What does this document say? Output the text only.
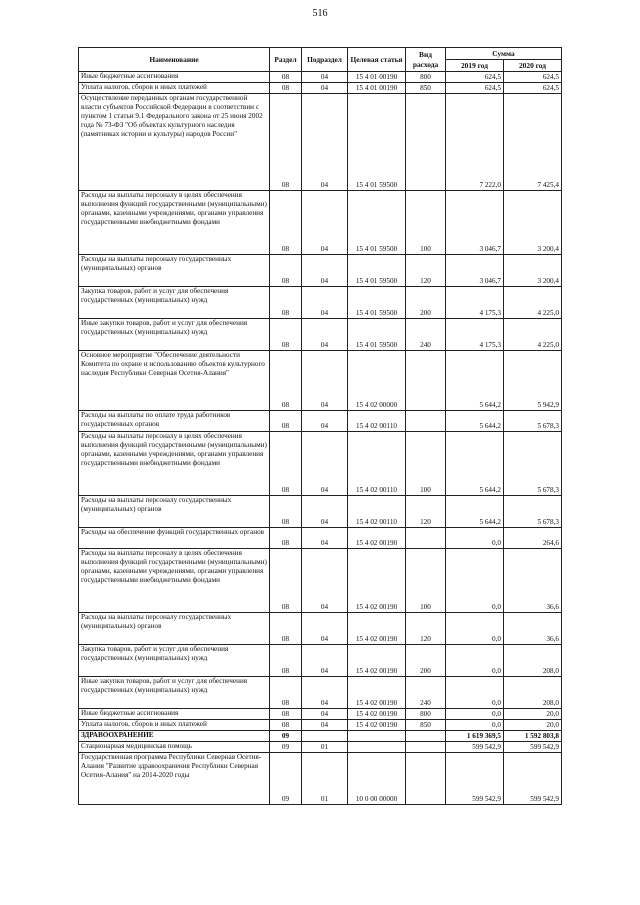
516
Наименование	Раздел	Подраздел	Целевая статья	Вид расхода	Сумма	
					2019 год	2020 год
Иные бюджетные ассигнования	08	04	15 4 01 00190	800	624,5	624,5
Уплата налогов, сборов и иных платежей	08	04	15 4 01 00190	850	624,5	624,5
Осуществление переданных органам государственной власти субъектов Российской Федерации в соответствии с пунктом 1 статьи 9.1 Федерального закона от 25 июня 2002 года № 73-ФЗ "Об объектах культурного наследия (памятниках истории и культуры) народов России"	08	04	15 4 01 59500		7 222,0	7 425,4
Расходы на выплаты персоналу в целях обеспечения выполнения функций государственными (муниципальными) органами, казенными учреждениями, органами управления государственными внебюджетными фондами	08	04	15 4 01 59500	100	3 046,7	3 200,4
Расходы на выплаты персоналу государственных (муниципальных) органов	08	04	15 4 01 59500	120	3 046,7	3 200,4
Закупка товаров, работ и услуг для обеспечения государственных (муниципальных) нужд	08	04	15 4 01 59500	200	4 175,3	4 225,0
Иные закупки товаров, работ и услуг для обеспечения государственных (муниципальных) нужд	08	04	15 4 01 59500	240	4 175,3	4 225,0
Основное мероприятие "Обеспечение деятельности Комитета по охране и использованию объектов культурного наследия Республики Северная Осетия-Алания"	08	04	15 4 02 00000		5 644,2	5 942,9
Расходы на выплаты по оплате труда работников государственных органов	08	04	15 4 02 00110		5 644,2	5 678,3
Расходы на выплаты персоналу в целях обеспечения выполнения функций государственными (муниципальными) органами, казенными учреждениями, органами управления государственными внебюджетными фондами	08	04	15 4 02 00110	100	5 644,2	5 678,3
Расходы на выплаты персоналу государственных (муниципальных) органов	08	04	15 4 02 00110	120	5 644,2	5 678,3
Расходы на обеспечение функций государственных органов	08	04	15 4 02 00190		0,0	264,6
Расходы на выплаты персоналу в целях обеспечения выполнения функций государственными (муниципальными) органами, казенными учреждениями, органами управления государственными внебюджетными фондами	08	04	15 4 02 00190	100	0,0	36,6
Расходы на выплаты персоналу государственных (муниципальных) органов	08	04	15 4 02 00190	120	0,0	36,6
Закупка товаров, работ и услуг для обеспечения государственных (муниципальных) нужд	08	04	15 4 02 00190	200	0,0	208,0
Иные закупки товаров, работ и услуг для обеспечения государственных (муниципальных) нужд	08	04	15 4 02 00190	240	0,0	208,0
Иные бюджетные ассигнования	08	04	15 4 02 00190	800	0,0	20,0
Уплата налогов, сборов и иных платежей	08	04	15 4 02 00190	850	0,0	20,0
ЗДРАВООХРАНЕНИЕ	09				1 619 369,5	1 592 803,8
Стационарная медицинская помощь	09	01			599 542,9	599 542,9
Государственная программа Республики Северная Осетия-Алания "Развитие здравоохранения Республики Северная Осетия-Алания" на 2014-2020 годы	09	01	10 0 00 00000		599 542,9	599 542,9
